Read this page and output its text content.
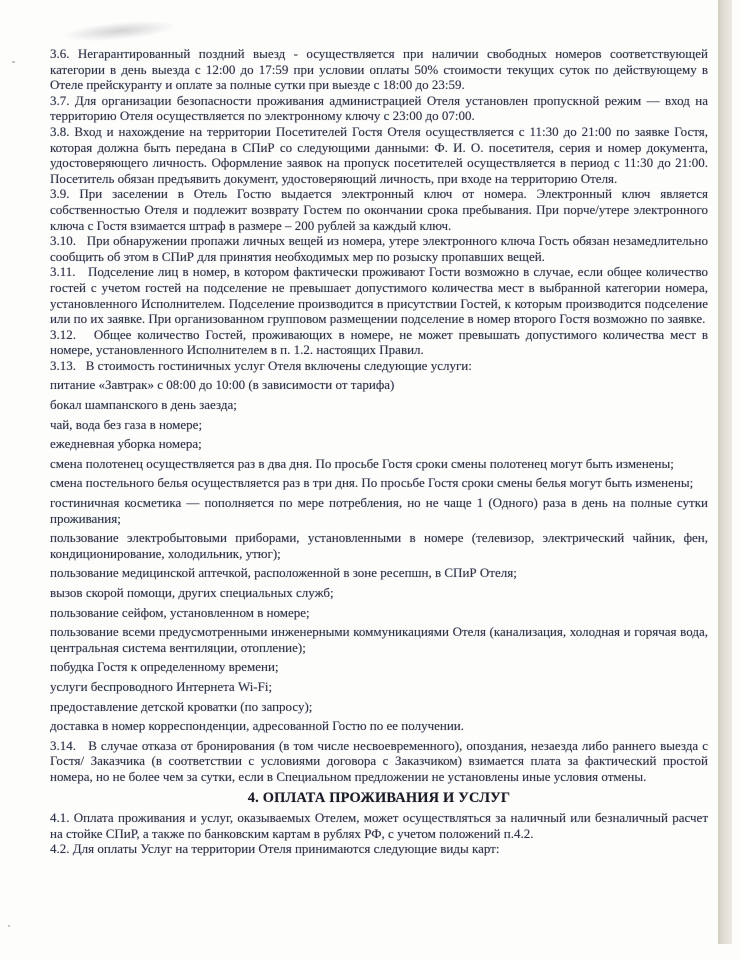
3.6. Негарантированный поздний выезд - осуществляется при наличии свободных номеров соответствующей категории в день выезда с 12:00 до 17:59 при условии оплаты 50% стоимости текущих суток по действующему в Отеле прейскуранту и оплате за полные сутки при выезде с 18:00 до 23:59.

3.7. Для организации безопасности проживания администрацией Отеля установлен пропускной режим — вход на территорию Отеля осуществляется по электронному ключу с 23:00 до 07:00.

3.8. Вход и нахождение на территории Посетителей Гостя Отеля осуществляется с 11:30 до 21:00 по заявке Гостя, которая должна быть передана в СПиР со следующими данными: Ф. И. О. посетителя, серия и номер документа, удостоверяющего личность. Оформление заявок на пропуск посетителей осуществляется в период с 11:30 до 21:00. Посетитель обязан предъявить документ, удостоверяющий личность, при входе на территорию Отеля.

3.9. При заселении в Отель Гостю выдается электронный ключ от номера. Электронный ключ является собственностью Отеля и подлежит возврату Гостем по окончании срока пребывания. При порче/утере электронного ключа с Гостя взимается штраф в размере – 200 рублей за каждый ключ.

3.10.   При обнаружении пропажи личных вещей из номера, утере электронного ключа Гость обязан незамедлительно сообщить об этом в СПиР для принятия необходимых мер по розыску пропавших вещей.

3.11.   Подселение лиц в номер, в котором фактически проживают Гости возможно в случае, если общее количество гостей с учетом гостей на подселение не превышает допустимого количества мест в выбранной категории номера, установленного Исполнителем. Подселение производится в присутствии Гостей, к которым производится подселение или по их заявке. При организованном групповом размещении подселение в номер второго Гостя возможно по заявке.

3.12.   Общее количество Гостей, проживающих в номере, не может превышать допустимого количества мест в номере, установленного Исполнителем в п. 1.2. настоящих Правил.

3.13.   В стоимость гостиничных услуг Отеля включены следующие услуги:

питание «Завтрак» с 08:00 до 10:00 (в зависимости от тарифа)

бокал шампанского в день заезда;

чай, вода без газа в номере;

ежедневная уборка номера;

смена полотенец осуществляется раз в два дня. По просьбе Гостя сроки смены полотенец могут быть изменены;

смена постельного белья осуществляется раз в три дня. По просьбе Гостя сроки смены белья могут быть изменены;

гостиничная косметика — пополняется по мере потребления, но не чаще 1 (Одного) раза в день на полные сутки проживания;

пользование электробытовыми приборами, установленными в номере (телевизор, электрический чайник, фен, кондиционирование, холодильник, утюг);

пользование медицинской аптечкой, расположенной в зоне ресепшн, в СПиР Отеля;

вызов скорой помощи, других специальных служб;

пользование сейфом, установленном в номере;

пользование всеми предусмотренными инженерными коммуникациями Отеля (канализация, холодная и горячая вода, центральная система вентиляции, отопление);

побудка Гостя к определенному времени;

услуги беспроводного Интернета Wi-Fi;

предоставление детской кроватки (по запросу);

доставка в номер корреспонденции, адресованной Гостю по ее получении.

3.14.   В случае отказа от бронирования (в том числе несвоевременного), опоздания, незаезда либо раннего выезда с Гостя/ Заказчика (в соответствии с условиями договора с Заказчиком) взимается плата за фактический простой номера, но не более чем за сутки, если в Специальном предложении не установлены иные условия отмены.

4. ОПЛАТА ПРОЖИВАНИЯ И УСЛУГ

4.1. Оплата проживания и услуг, оказываемых Отелем, может осуществляться за наличный или безналичный расчет на стойке СПиР, а также по банковским картам в рублях РФ, с учетом положений п.4.2.

4.2. Для оплаты Услуг на территории Отеля принимаются следующие виды карт:
